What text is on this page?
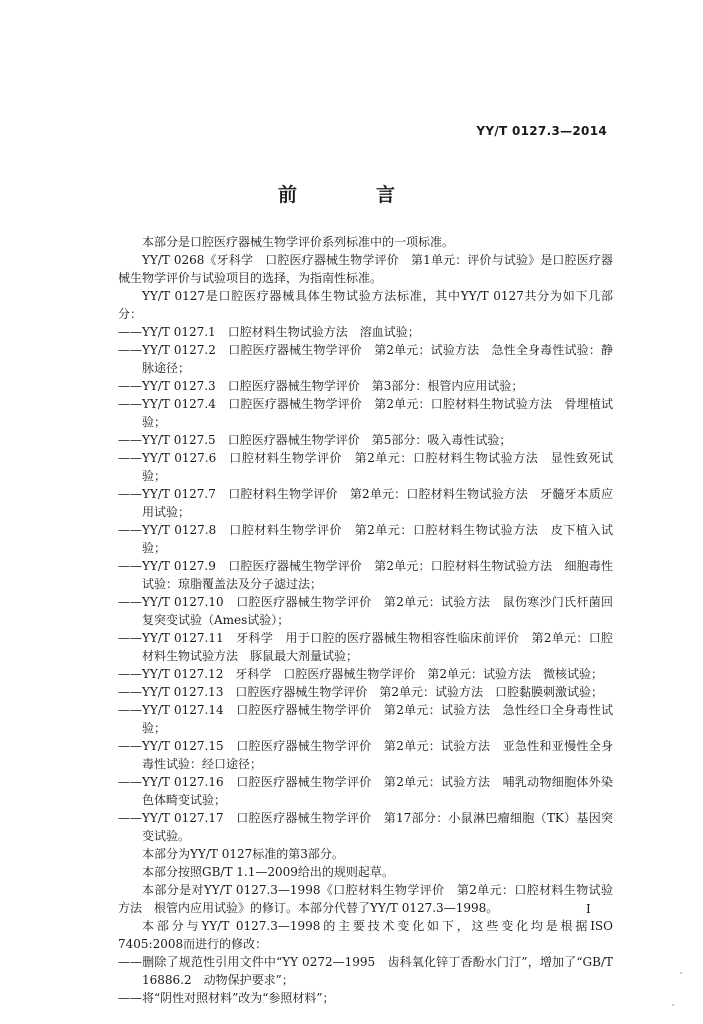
YY/T 0127.3—2014
前　言

本部分是口腔医疗器械生物学评价系列标准中的一项标准。

YY/T 0268《牙科学　口腔医疗器械生物学评价　第1单元：评价与试验》是口腔医疗器械生物学评价与试验项目的选择，为指南性标准。

YY/T 0127是口腔医疗器械具体生物试验方法标准，其中YY/T 0127共分为如下几部分：

——YY/T 0127.1　口腔材料生物试验方法　溶血试验；

——YY/T 0127.2　口腔医疗器械生物学评价　第2单元：试验方法　急性全身毒性试验：静脉途径；

——YY/T 0127.3　口腔医疗器械生物学评价　第3部分：根管内应用试验；

——YY/T 0127.4　口腔医疗器械生物学评价　第2单元：口腔材料生物试验方法　骨埋植试验；

——YY/T 0127.5　口腔医疗器械生物学评价　第5部分：吸入毒性试验；

——YY/T 0127.6　口腔材料生物学评价　第2单元：口腔材料生物试验方法　显性致死试验；

——YY/T 0127.7　口腔材料生物学评价　第2单元：口腔材料生物试验方法　牙髓牙本质应用试验；

——YY/T 0127.8　口腔材料生物学评价　第2单元：口腔材料生物试验方法　皮下植入试验；

——YY/T 0127.9　口腔医疗器械生物学评价　第2单元：口腔材料生物试验方法　细胞毒性试验：琼脂覆盖法及分子滤过法；

——YY/T 0127.10　口腔医疗器械生物学评价　第2单元：试验方法　鼠伤寒沙门氏杆菌回复突变试验（Ames试验）；

——YY/T 0127.11　牙科学　用于口腔的医疗器械生物相容性临床前评价　第2单元：口腔材料生物试验方法　豚鼠最大剂量试验；

——YY/T 0127.12　牙科学　口腔医疗器械生物学评价　第2单元：试验方法　微核试验；

——YY/T 0127.13　口腔医疗器械生物学评价　第2单元：试验方法　口腔黏膜刺激试验；

——YY/T 0127.14　口腔医疗器械生物学评价　第2单元：试验方法　急性经口全身毒性试验；

——YY/T 0127.15　口腔医疗器械生物学评价　第2单元：试验方法　亚急性和亚慢性全身毒性试验：经口途径；

——YY/T 0127.16　口腔医疗器械生物学评价　第2单元：试验方法　哺乳动物细胞体外染色体畸变试验；

——YY/T 0127.17　口腔医疗器械生物学评价　第17部分：小鼠淋巴瘤细胞（TK）基因突变试验。

本部分为YY/T 0127标准的第3部分。

本部分按照GB/T 1.1—2009给出的规则起草。

本部分是对YY/T 0127.3—1998《口腔材料生物学评价　第2单元：口腔材料生物试验方法　根管内应用试验》的修订。本部分代替了YY/T 0127.3—1998。

本部分与YY/T 0127.3—1998的主要技术变化如下，这些变化均是根据ISO 7405:2008而进行的修改：

——删除了规范性引用文件中“YY 0272—1995　齿科氧化锌丁香酚水门汀”，增加了“GB/T 16886.2　动物保护要求”；

——将“阴性对照材料”改为“参照材料”；

I
